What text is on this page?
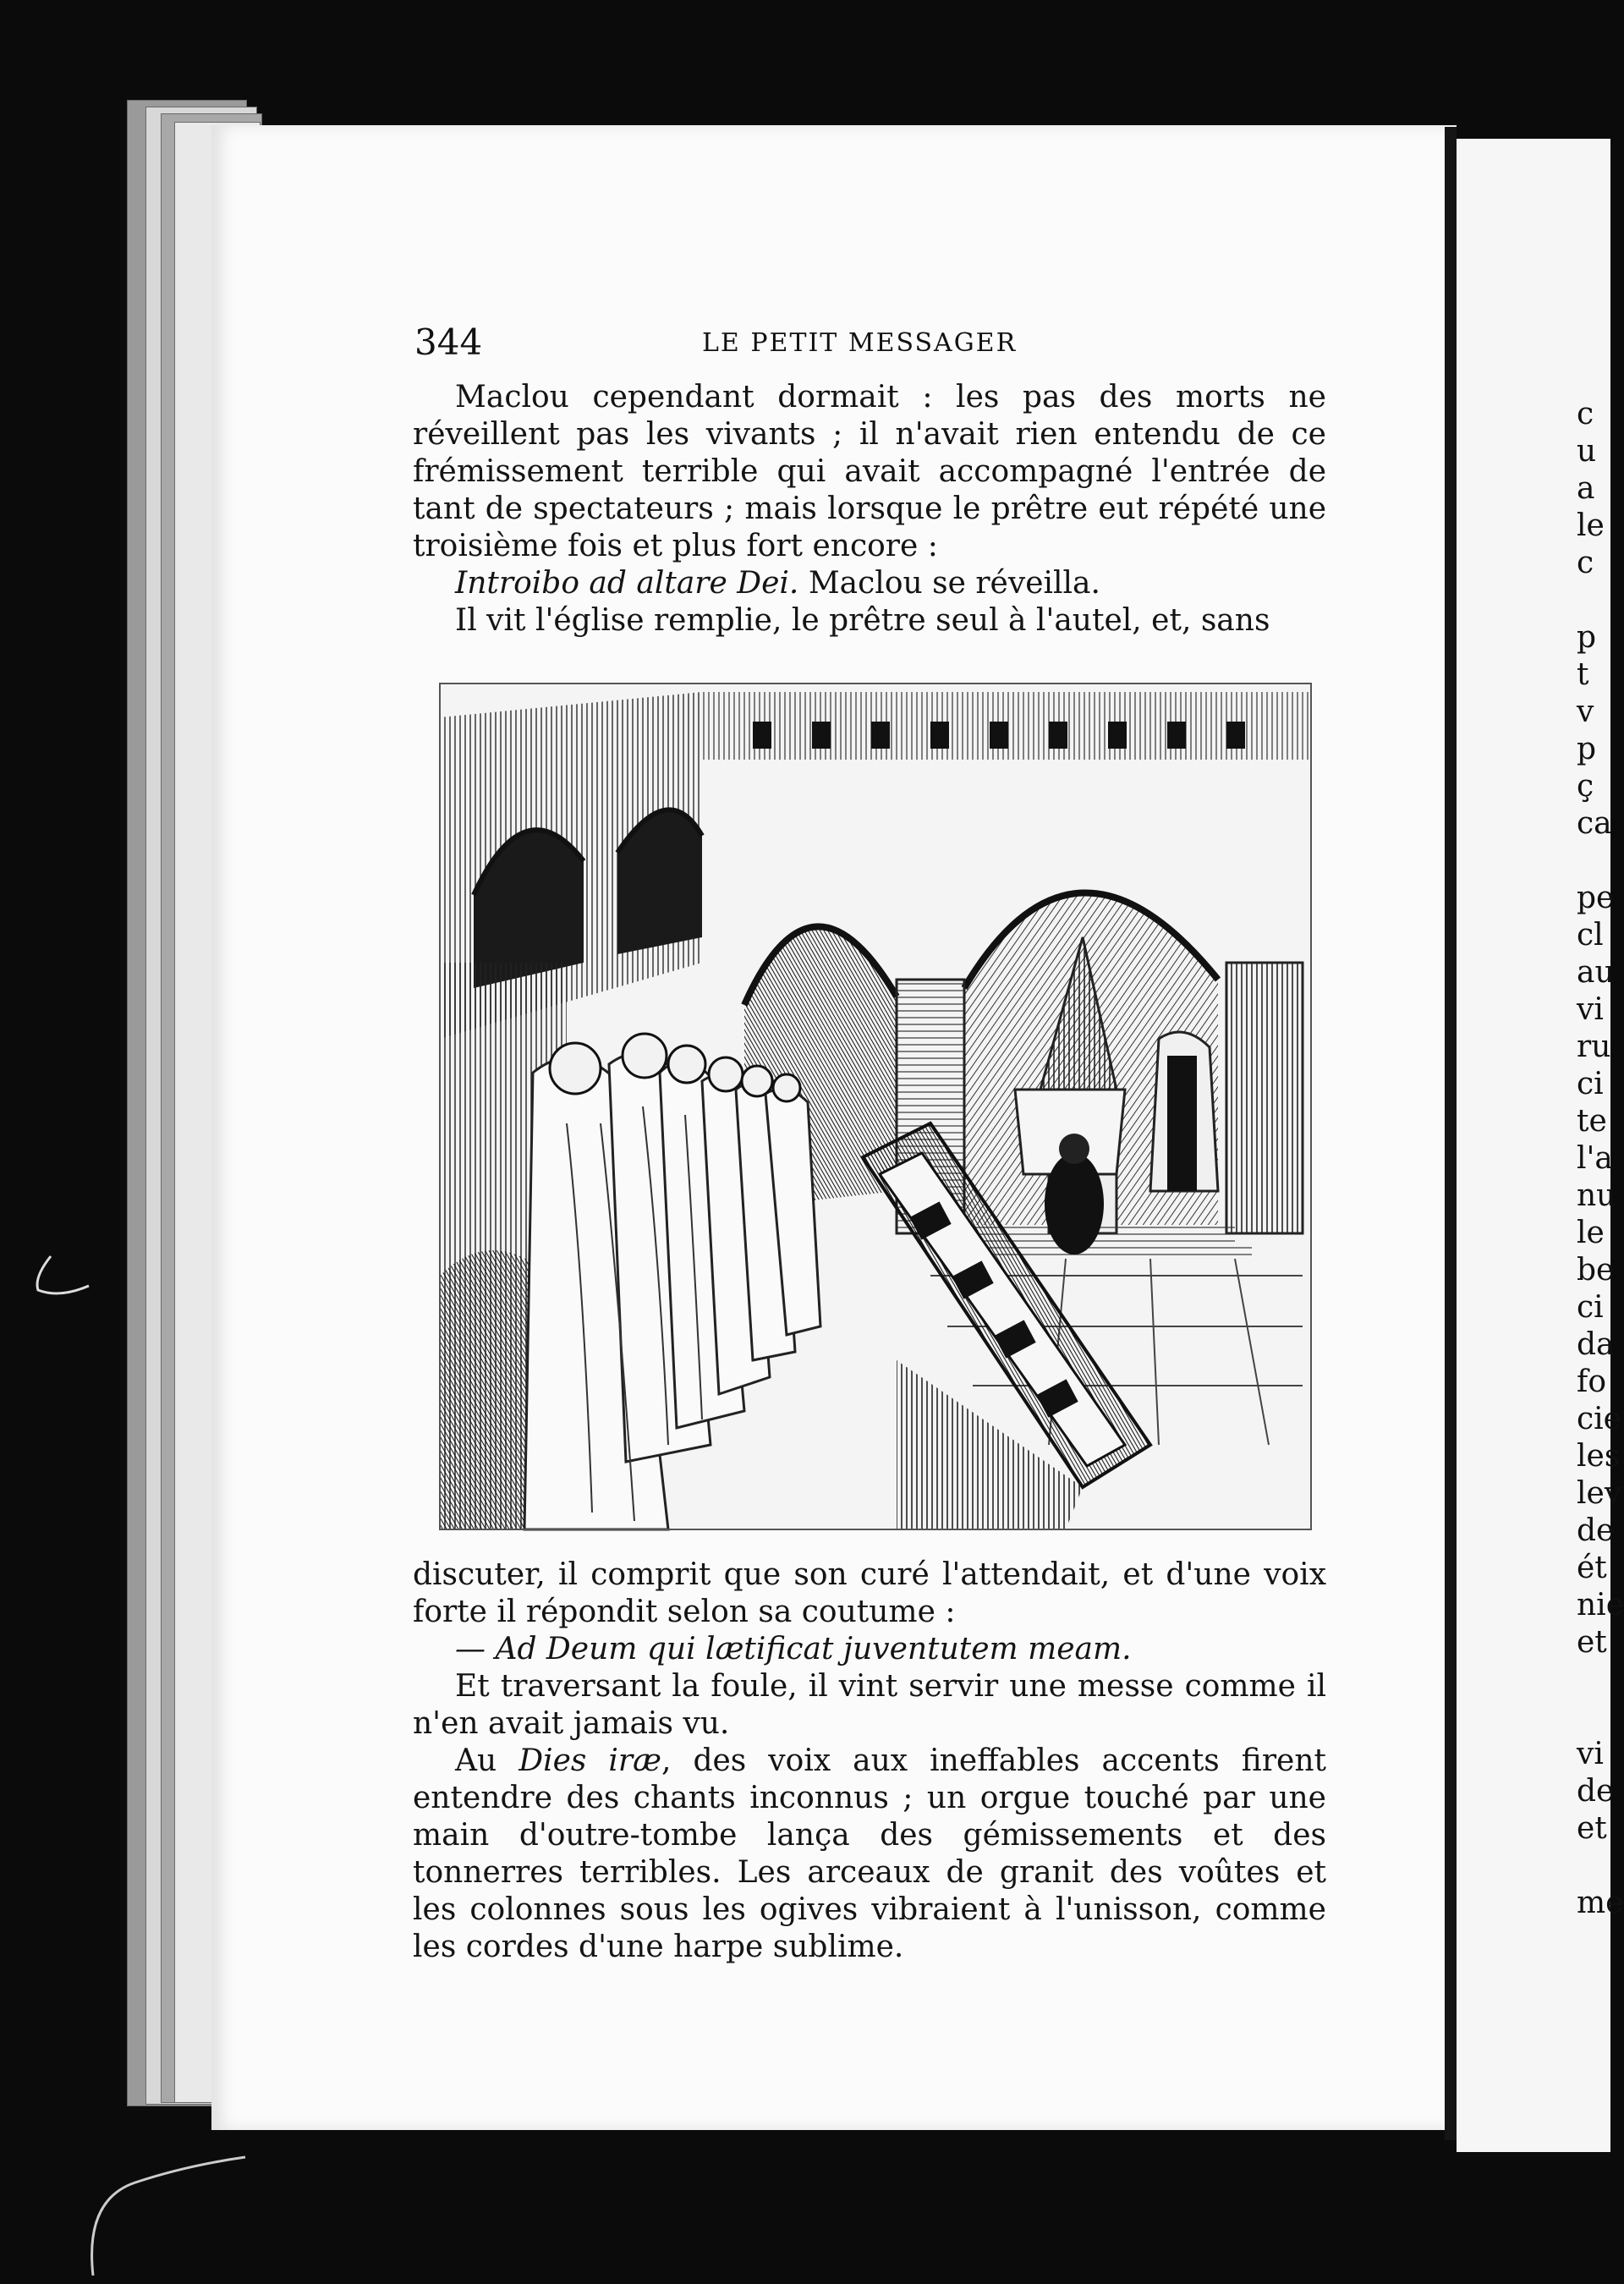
344	LE PETIT MESSAGER

Maclou cependant dormait : les pas des morts ne réveillent pas les vivants ; il n'avait rien entendu de ce frémissement terrible qui avait accompagné l'entrée de tant de spectateurs ; mais lorsque le prêtre eut répété une troisième fois et plus fort encore :

Introibo ad altare Dei. Maclou se réveilla.

Il vit l'église remplie, le prêtre seul à l'autel, et, sans

discuter, il comprit que son curé l'attendait, et d'une voix forte il répondit selon sa coutume :

— Ad Deum qui lætificat juventutem meam.

Et traversant la foule, il vint servir une messe comme il n'en avait jamais vu.

Au Dies iræ, des voix aux ineffables accents firent entendre des chants inconnus ; un orgue touché par une main d'outre-tombe lança des gémissements et des tonnerres terribles. Les arceaux de granit des voûtes et les colonnes sous les ogives vibraient à l'unisson, comme les cordes d'une harpe sublime.

c
u
a
le
c

p
t
v
p
ç
ca

pe
cl
au
vi
ru
ci
te
l'a
nu
le
be
ci
da
fo
cie
les
lev
de
ét
nie
et

vi
de
et

me
